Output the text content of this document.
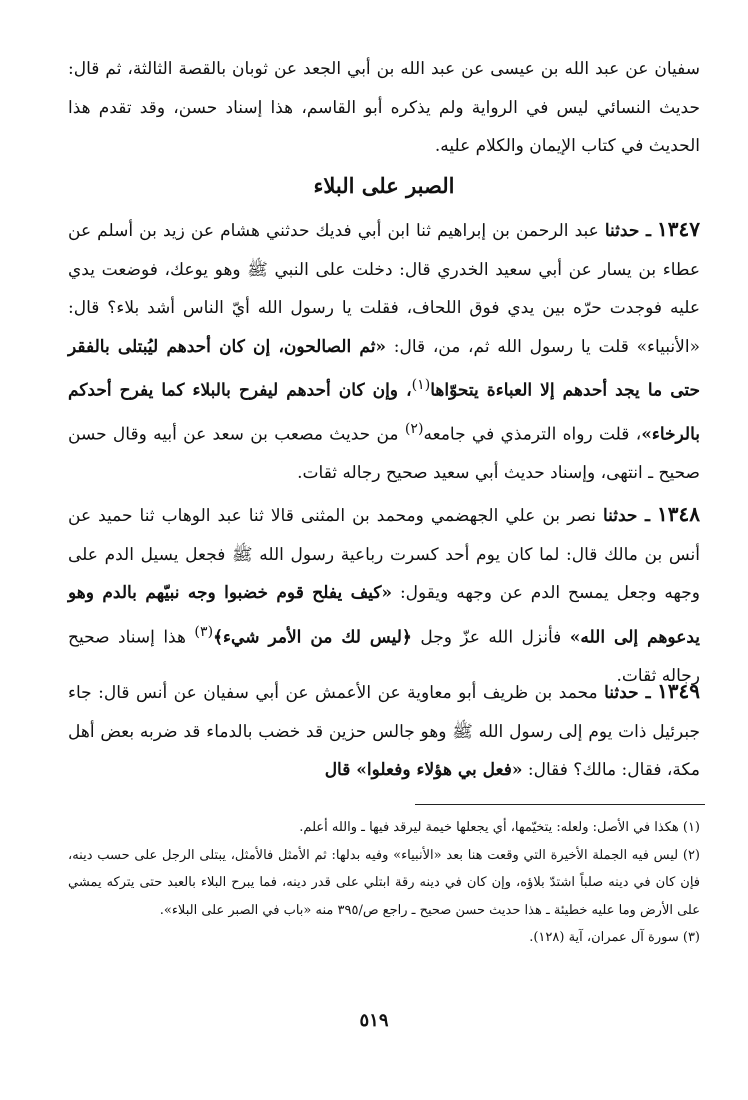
سفيان عن عبد الله بن عيسى عن عبد الله بن أبي الجعد عن ثوبان بالقصة الثالثة، ثم قال: حديث النسائي ليس في الرواية ولم يذكره أبو القاسم، هذا إسناد حسن، وقد تقدم هذا الحديث في كتاب الإيمان والكلام عليه.

الصبر على البلاء

١٣٤٧ ـ حدثنا عبد الرحمن بن إبراهيم ثنا ابن أبي فديك حدثني هشام عن زيد بن أسلم عن عطاء بن يسار عن أبي سعيد الخدري قال: دخلت على النبي ﷺ وهو يوعك، فوضعت يدي عليه فوجدت حرّه بين يدي فوق اللحاف، فقلت يا رسول الله أيّ الناس أشد بلاء؟ قال: «الأنبياء» قلت يا رسول الله ثم، من، قال: «ثم الصالحون، إن كان أحدهم ليُبتلى بالفقر حتى ما يجد أحدهم إلا العباءة يتحوّاها$^{(١)}$، وإن كان أحدهم ليفرح بالبلاء كما يفرح أحدكم بالرخاء»، قلت رواه الترمذي في جامعه$^{(٢)}$ من حديث مصعب بن سعد عن أبيه وقال حسن صحيح ـ انتهى، وإسناد حديث أبي سعيد صحيح رجاله ثقات.

١٣٤٨ ـ حدثنا نصر بن علي الجهضمي ومحمد بن المثنى قالا ثنا عبد الوهاب ثنا حميد عن أنس بن مالك قال: لما كان يوم أحد كسرت رباعية رسول الله ﷺ فجعل يسيل الدم على وجهه وجعل يمسح الدم عن وجهه ويقول: «كيف يفلح قوم خضبوا وجه نبيّهم بالدم وهو يدعوهم إلى الله» فأنزل الله عزّ وجل ﴿ليس لك من الأمر شيء﴾$^{(٣)}$ هذا إسناد صحيح رجاله ثقات.

١٣٤٩ ـ حدثنا محمد بن ظريف أبو معاوية عن الأعمش عن أبي سفيان عن أنس قال: جاء جبرئيل ذات يوم إلى رسول الله ﷺ وهو جالس حزين قد خضب بالدماء قد ضربه بعض أهل مكة، فقال: مالك؟ فقال: «فعل بي هؤلاء وفعلوا» قال

(١) هكذا في الأصل: ولعله: يتخيّمها، أي يجعلها خيمة ليرقد فيها ـ والله أعلم.

(٢) ليس فيه الجملة الأخيرة التي وقعت هنا بعد «الأنبياء» وفيه بدلها: ثم الأمثل فالأمثل، يبتلى الرجل على حسب دينه، فإن كان في دينه صلباً اشتدّ بلاؤه، وإن كان في دينه رقة ابتلي على قدر دينه، فما يبرح البلاء بالعبد حتى يتركه يمشي على الأرض وما عليه خطيئة ـ هذا حديث حسن صحيح ـ راجع ص/٣٩٥ منه «باب في الصبر على البلاء».

(٣) سورة آل عمران، آية (١٢٨).

٥١٩
